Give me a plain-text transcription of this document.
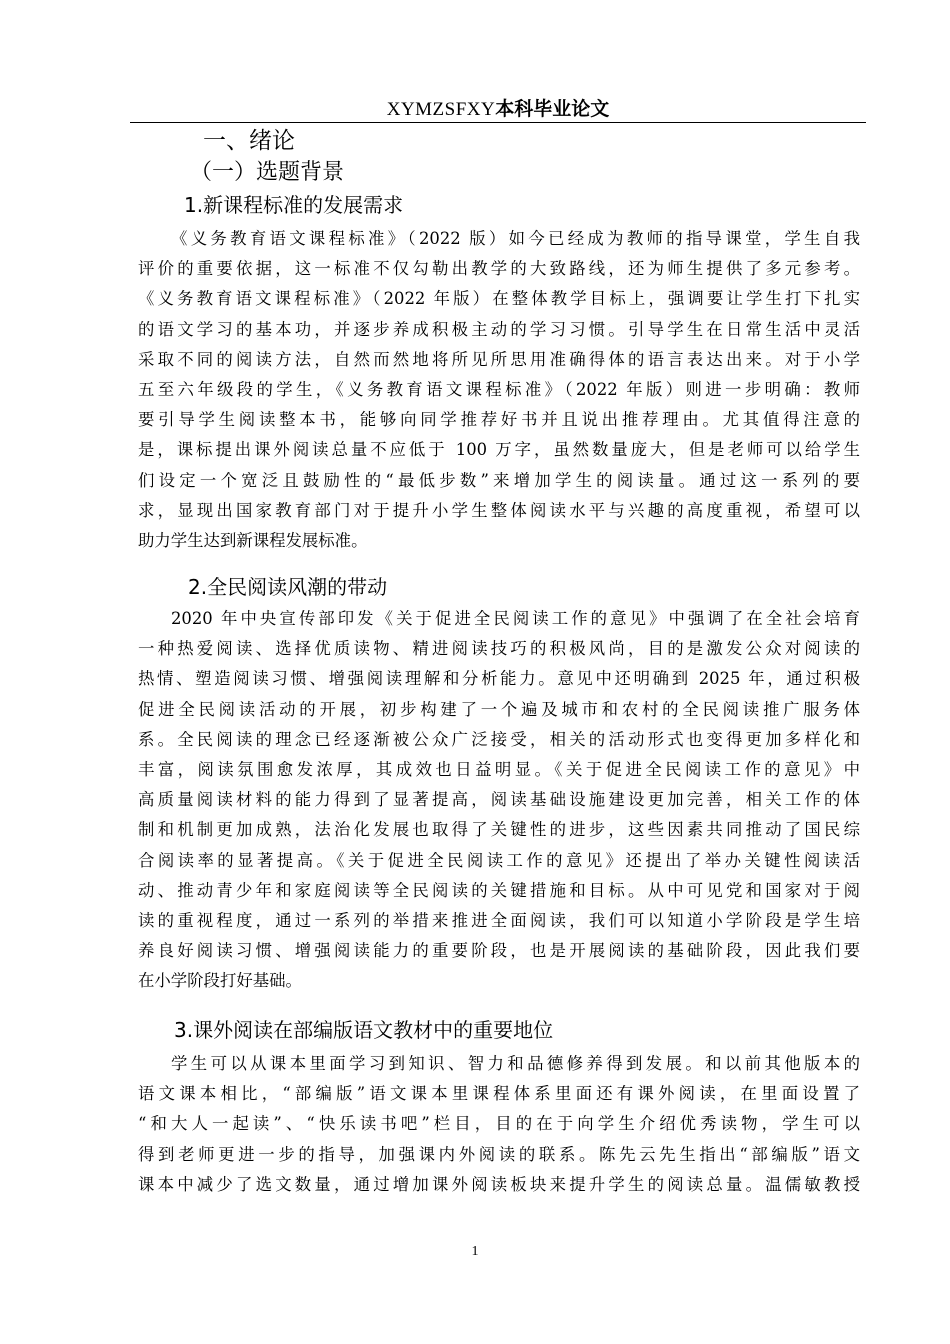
XYMZSFXY本科毕业论文
一、绪论
（一）选题背景
1.新课程标准的发展需求
《义务教育语文课程标准》（2022 版）如今已经成为教师的指导课堂，学生自我
评价的重要依据，这一标准不仅勾勒出教学的大致路线，还为师生提供了多元参考。
《义务教育语文课程标准》（2022 年版）在整体教学目标上，强调要让学生打下扎实
的语文学习的基本功，并逐步养成积极主动的学习习惯。引导学生在日常生活中灵活
采取不同的阅读方法，自然而然地将所见所思用准确得体的语言表达出来。对于小学
五至六年级段的学生，《义务教育语文课程标准》（2022 年版）则进一步明确：教师
要引导学生阅读整本书，能够向同学推荐好书并且说出推荐理由。尤其值得注意的
是，课标提出课外阅读总量不应低于 100 万字，虽然数量庞大，但是老师可以给学生
们设定一个宽泛且鼓励性的“最低步数”来增加学生的阅读量。通过这一系列的要
求，显现出国家教育部门对于提升小学生整体阅读水平与兴趣的高度重视，希望可以
助力学生达到新课程发展标准。
2.全民阅读风潮的带动
2020 年中央宣传部印发《关于促进全民阅读工作的意见》中强调了在全社会培育
一种热爱阅读、选择优质读物、精进阅读技巧的积极风尚，目的是激发公众对阅读的
热情、塑造阅读习惯、增强阅读理解和分析能力。意见中还明确到 2025 年，通过积极
促进全民阅读活动的开展，初步构建了一个遍及城市和农村的全民阅读推广服务体
系。全民阅读的理念已经逐渐被公众广泛接受，相关的活动形式也变得更加多样化和
丰富，阅读氛围愈发浓厚，其成效也日益明显。《关于促进全民阅读工作的意见》中
高质量阅读材料的能力得到了显著提高，阅读基础设施建设更加完善，相关工作的体
制和机制更加成熟，法治化发展也取得了关键性的进步，这些因素共同推动了国民综
合阅读率的显著提高。《关于促进全民阅读工作的意见》还提出了举办关键性阅读活
动、推动青少年和家庭阅读等全民阅读的关键措施和目标。从中可见党和国家对于阅
读的重视程度，通过一系列的举措来推进全面阅读，我们可以知道小学阶段是学生培
养良好阅读习惯、增强阅读能力的重要阶段，也是开展阅读的基础阶段，因此我们要
在小学阶段打好基础。
3.课外阅读在部编版语文教材中的重要地位
学生可以从课本里面学习到知识、智力和品德修养得到发展。和以前其他版本的
语文课本相比，“部编版”语文课本里课程体系里面还有课外阅读，在里面设置了
“和大人一起读”、“快乐读书吧”栏目，目的在于向学生介绍优秀读物，学生可以
得到老师更进一步的指导，加强课内外阅读的联系。陈先云先生指出“部编版”语文
课本中减少了选文数量，通过增加课外阅读板块来提升学生的阅读总量。温儒敏教授
1
